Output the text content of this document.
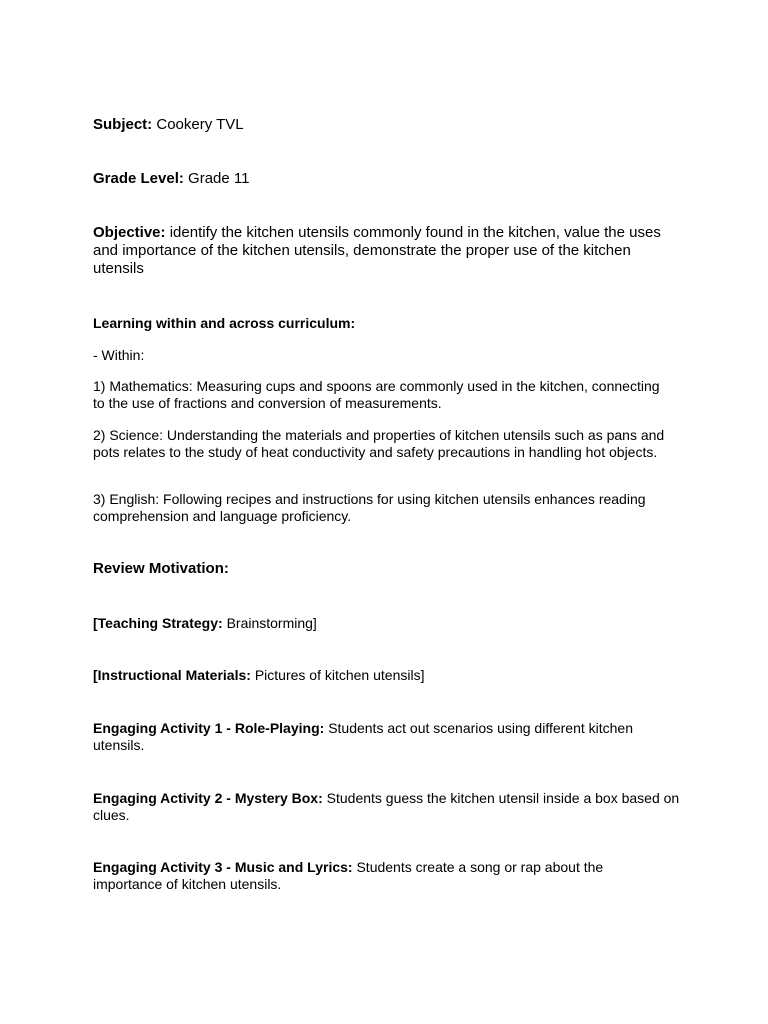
Subject: Cookery TVL

Grade Level: Grade 11

Objective: identify the kitchen utensils commonly found in the kitchen, value the uses and importance of the kitchen utensils, demonstrate the proper use of the kitchen utensils

Learning within and across curriculum:

- Within:

1) Mathematics: Measuring cups and spoons are commonly used in the kitchen, connecting to the use of fractions and conversion of measurements.

2) Science: Understanding the materials and properties of kitchen utensils such as pans and pots relates to the study of heat conductivity and safety precautions in handling hot objects.

3) English: Following recipes and instructions for using kitchen utensils enhances reading comprehension and language proficiency.

Review Motivation:

[Teaching Strategy: Brainstorming]

[Instructional Materials: Pictures of kitchen utensils]

Engaging Activity 1 - Role-Playing: Students act out scenarios using different kitchen utensils.

Engaging Activity 2 - Mystery Box: Students guess the kitchen utensil inside a box based on clues.

Engaging Activity 3 - Music and Lyrics: Students create a song or rap about the importance of kitchen utensils.
